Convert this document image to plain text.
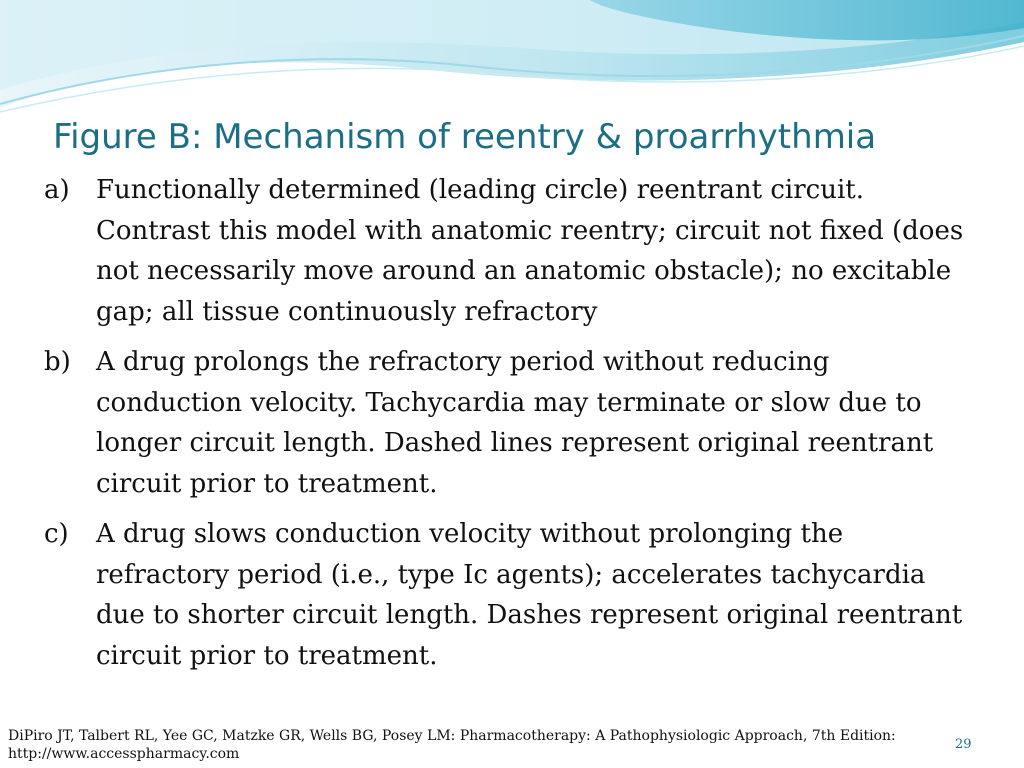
Figure B: Mechanism of reentry & proarrhythmia
a)	Functionally determined (leading circle) reentrant circuit. Contrast this model with anatomic reentry; circuit not fixed (does not necessarily move around an anatomic obstacle); no excitable gap; all tissue continuously refractory
b) A drug prolongs the refractory period without reducing conduction velocity. Tachycardia may terminate or slow due to longer circuit length. Dashed lines represent original reentrant circuit prior to treatment.
c)	A drug slows conduction velocity without prolonging the refractory period (i.e., type Ic agents); accelerates tachycardia due to shorter circuit length. Dashes represent original reentrant circuit prior to treatment.
DiPiro JT, Talbert RL, Yee GC, Matzke GR, Wells BG, Posey LM: Pharmacotherapy: A Pathophysiologic Approach, 7th Edition: http://www.accesspharmacy.com
29
